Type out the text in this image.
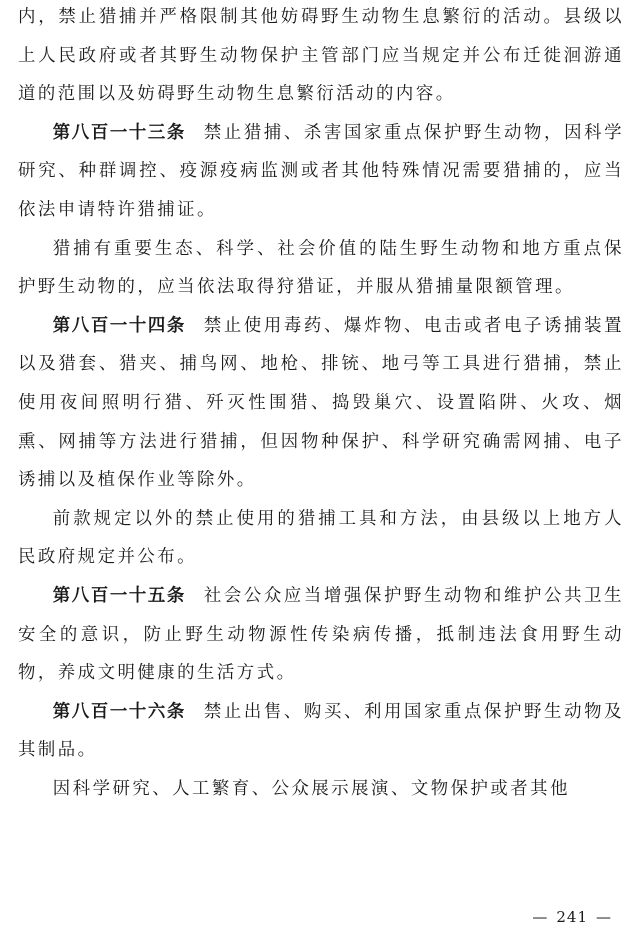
内，禁止猎捕并严格限制其他妨碍野生动物生息繁衍的活动。县级以上人民政府或者其野生动物保护主管部门应当规定并公布迁徙洄游通道的范围以及妨碍野生动物生息繁衍活动的内容。

第八百一十三条 禁止猎捕、杀害国家重点保护野生动物，因科学研究、种群调控、疫源疫病监测或者其他特殊情况需要猎捕的，应当依法申请特许猎捕证。

猎捕有重要生态、科学、社会价值的陆生野生动物和地方重点保护野生动物的，应当依法取得狩猎证，并服从猎捕量限额管理。

第八百一十四条 禁止使用毒药、爆炸物、电击或者电子诱捕装置以及猎套、猎夹、捕鸟网、地枪、排铳、地弓等工具进行猎捕，禁止使用夜间照明行猎、歼灭性围猎、捣毁巢穴、设置陷阱、火攻、烟熏、网捕等方法进行猎捕，但因物种保护、科学研究确需网捕、电子诱捕以及植保作业等除外。

前款规定以外的禁止使用的猎捕工具和方法，由县级以上地方人民政府规定并公布。

第八百一十五条 社会公众应当增强保护野生动物和维护公共卫生安全的意识，防止野生动物源性传染病传播，抵制违法食用野生动物，养成文明健康的生活方式。

第八百一十六条 禁止出售、购买、利用国家重点保护野生动物及其制品。

因科学研究、人工繁育、公众展示展演、文物保护或者其他

— 241 —
